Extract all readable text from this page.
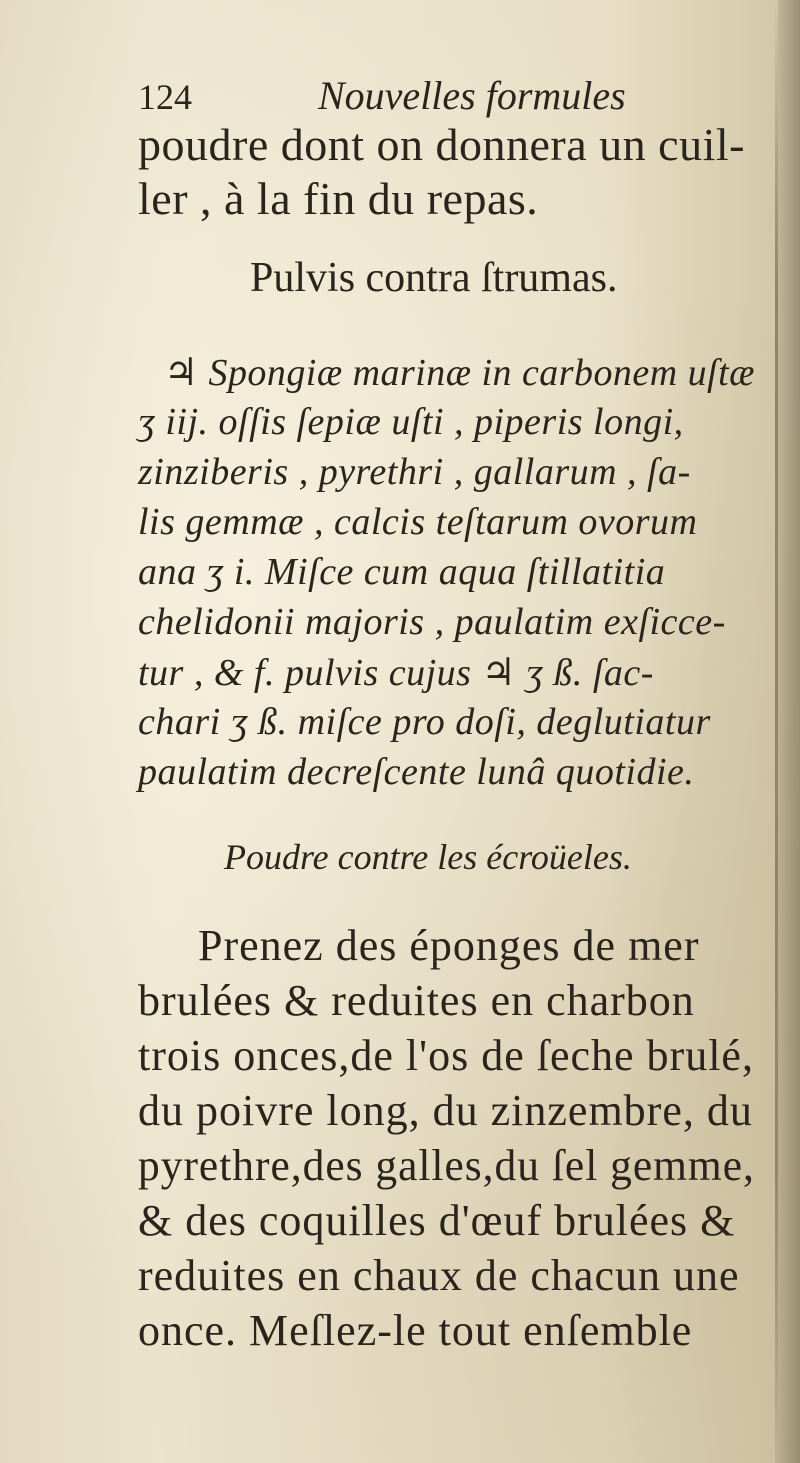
124	Nouvelles formules
poudre dont on donnera un cuil-
ler , à la fin du repas.
Pulvis contra ſtrumas.
♃ Spongiæ marinæ in carbonem uſtæ
ʒ iij. oſſis ſepiæ uſti , piperis longi,
zinziberis , pyrethri , gallarum , ſa-
lis gemmæ , calcis teſtarum ovorum
ana ʒ i. Miſce cum aqua ſtillatitia
chelidonii majoris , paulatim exſicce-
tur , & f. pulvis cujus ♃ ʒ ß. ſac-
chari ʒ ß. miſce pro doſi, deglutiatur
paulatim decreſcente lunâ quotidie.
Poudre contre les écroüeles.
Prenez des éponges de mer
brulées & reduites en charbon
trois onces,de l'os de ſeche brulé,
du poivre long, du zinzembre, du
pyrethre,des galles,du ſel gemme,
& des coquilles d'œuf brulées &
reduites en chaux de chacun une
once. Meſlez-le tout enſemble
